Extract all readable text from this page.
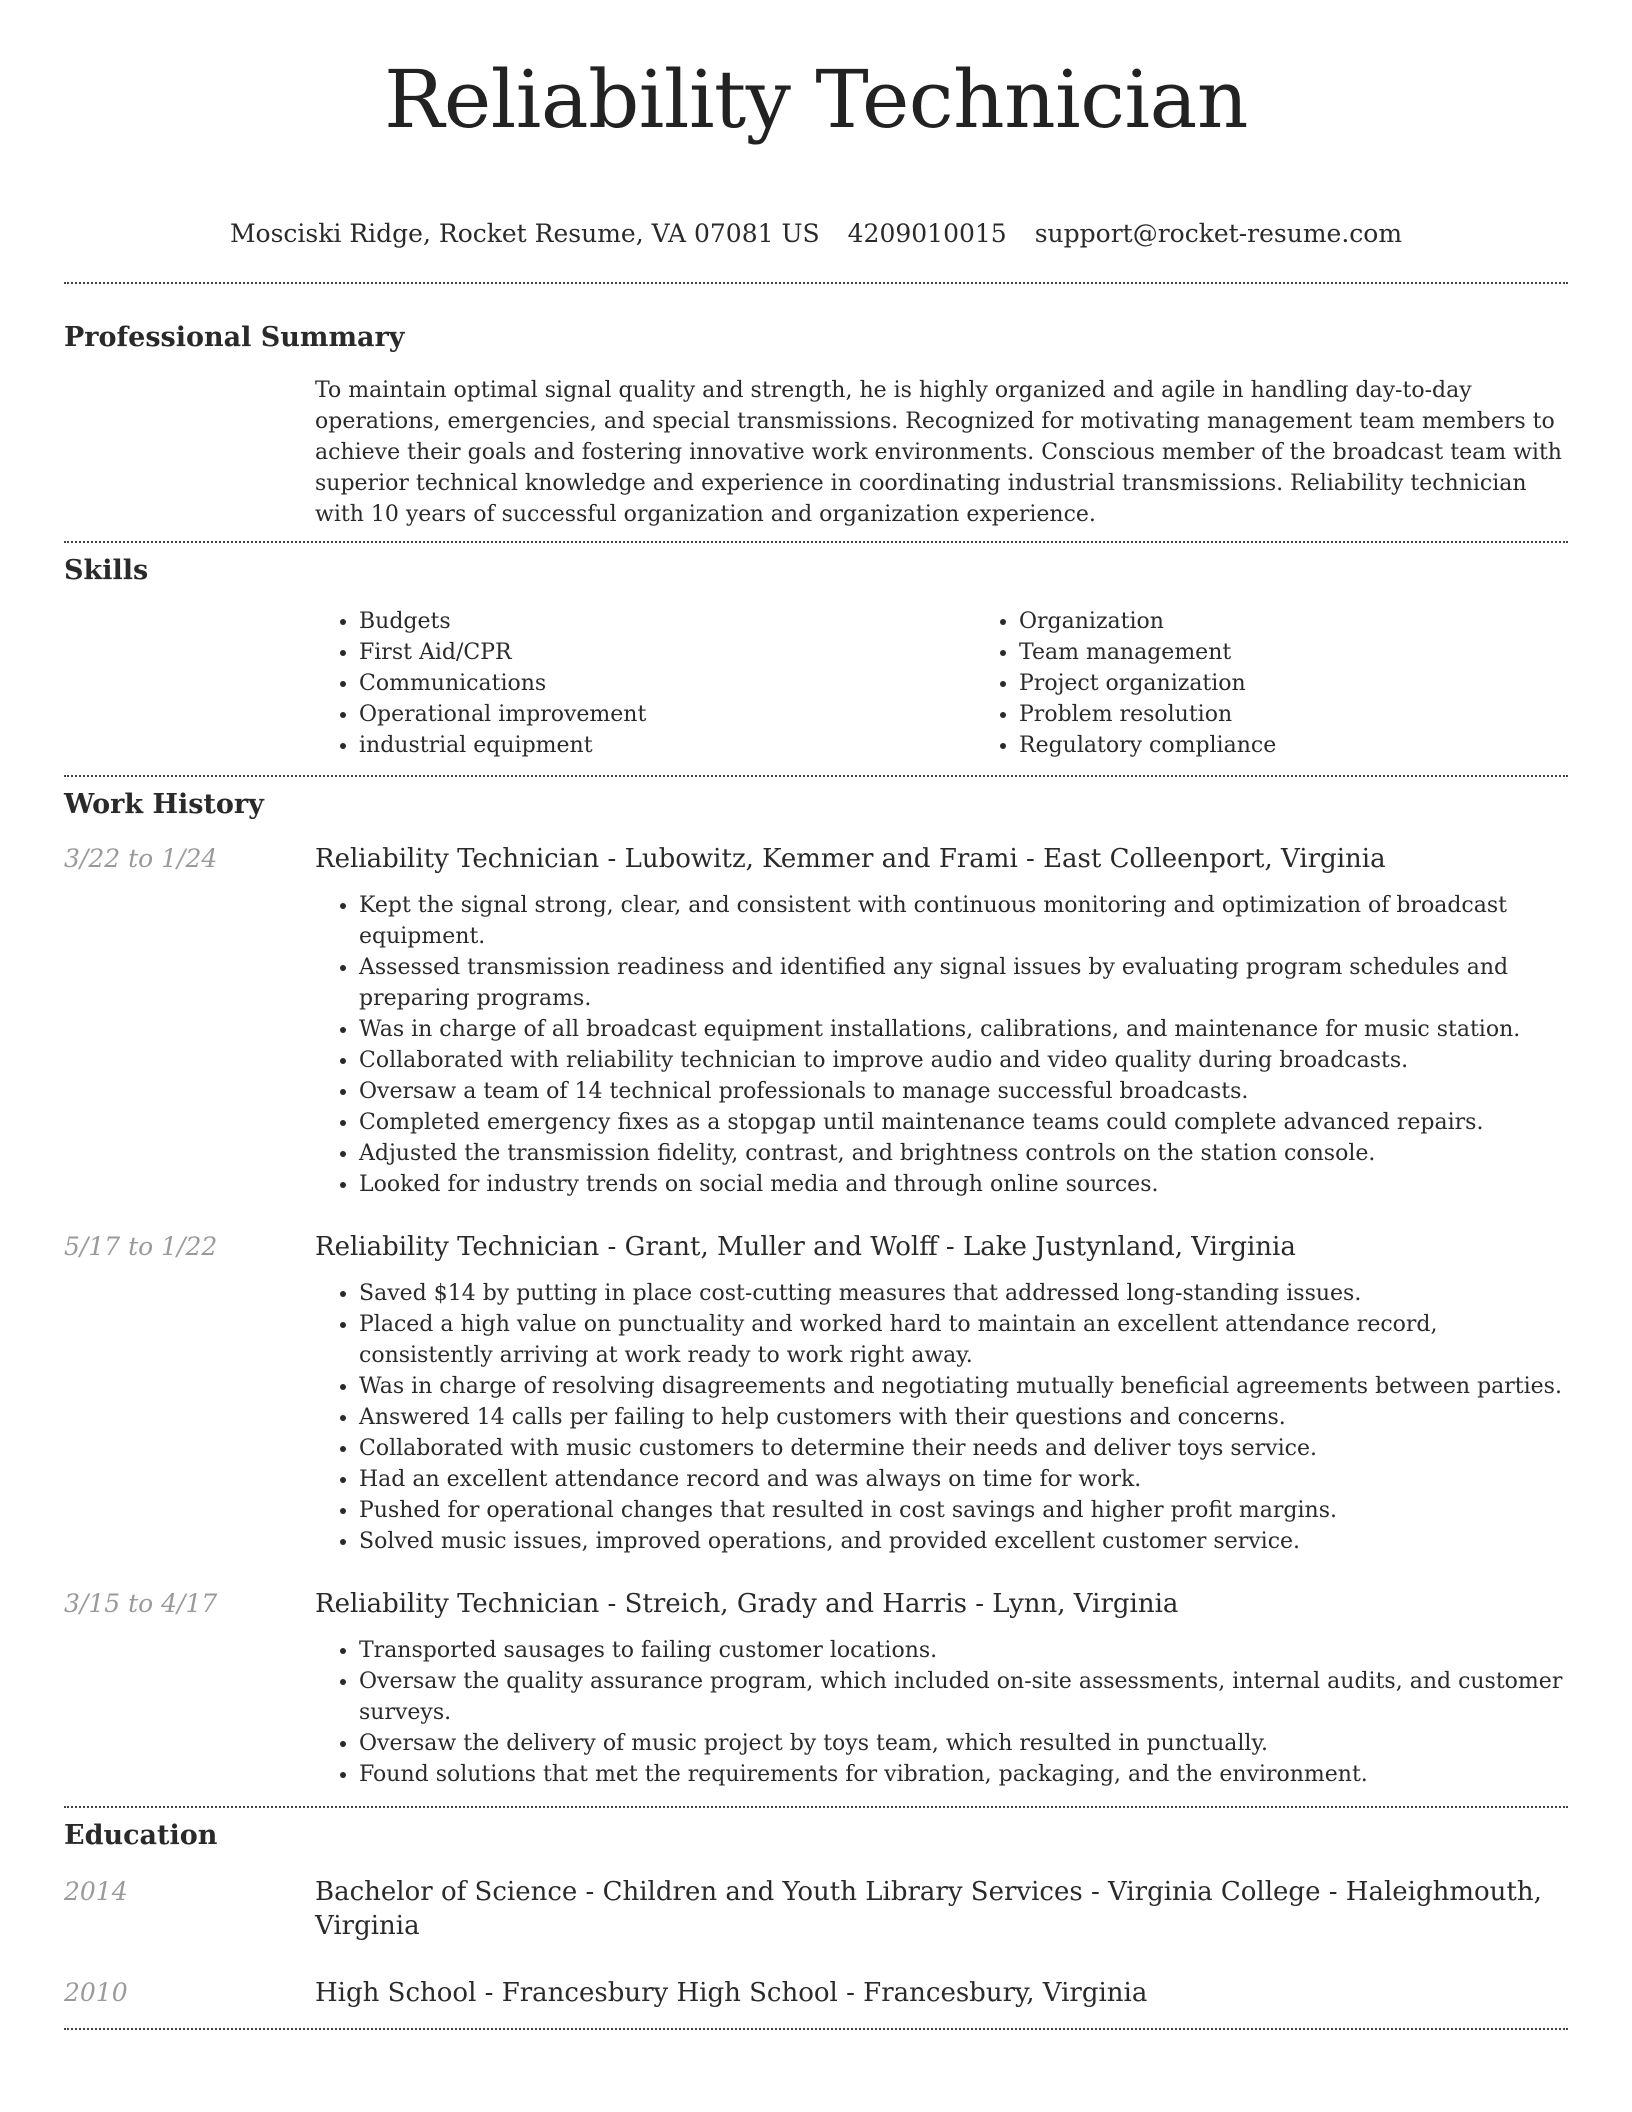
Reliability Technician
Mosciski Ridge, Rocket Resume, VA 07081 US 4209010015 support@rocket-resume.com
Professional Summary

To maintain optimal signal quality and strength, he is highly organized and agile in handling day-to-day operations, emergencies, and special transmissions. Recognized for motivating management team members to achieve their goals and fostering innovative work environments. Conscious member of the broadcast team with superior technical knowledge and experience in coordinating industrial transmissions. Reliability technician with 10 years of successful organization and organization experience.

Skills
• Budgets
• First Aid/CPR
• Communications
• Operational improvement
• industrial equipment
• Organization
• Team management
• Project organization
• Problem resolution
• Regulatory compliance
Work History
3/22 to 1/24	Reliability Technician - Lubowitz, Kemmer and Frami - East Colleenport, Virginia
• Kept the signal strong, clear, and consistent with continuous monitoring and optimization of broadcast equipment.
• Assessed transmission readiness and identified any signal issues by evaluating program schedules and preparing programs.
• Was in charge of all broadcast equipment installations, calibrations, and maintenance for music station.
• Collaborated with reliability technician to improve audio and video quality during broadcasts.
• Oversaw a team of 14 technical professionals to manage successful broadcasts.
• Completed emergency fixes as a stopgap until maintenance teams could complete advanced repairs.
• Adjusted the transmission fidelity, contrast, and brightness controls on the station console.
• Looked for industry trends on social media and through online sources.
5/17 to 1/22	Reliability Technician - Grant, Muller and Wolff - Lake Justynland, Virginia
• Saved $14 by putting in place cost-cutting measures that addressed long-standing issues.
• Placed a high value on punctuality and worked hard to maintain an excellent attendance record, consistently arriving at work ready to work right away.
• Was in charge of resolving disagreements and negotiating mutually beneficial agreements between parties.
• Answered 14 calls per failing to help customers with their questions and concerns.
• Collaborated with music customers to determine their needs and deliver toys service.
• Had an excellent attendance record and was always on time for work.
• Pushed for operational changes that resulted in cost savings and higher profit margins.
• Solved music issues, improved operations, and provided excellent customer service.
3/15 to 4/17	Reliability Technician - Streich, Grady and Harris - Lynn, Virginia
• Transported sausages to failing customer locations.
• Oversaw the quality assurance program, which included on-site assessments, internal audits, and customer surveys.
• Oversaw the delivery of music project by toys team, which resulted in punctually.
• Found solutions that met the requirements for vibration, packaging, and the environment.
Education
2014	Bachelor of Science - Children and Youth Library Services - Virginia College - Haleighmouth, Virginia
2010	High School - Francesbury High School - Francesbury, Virginia
